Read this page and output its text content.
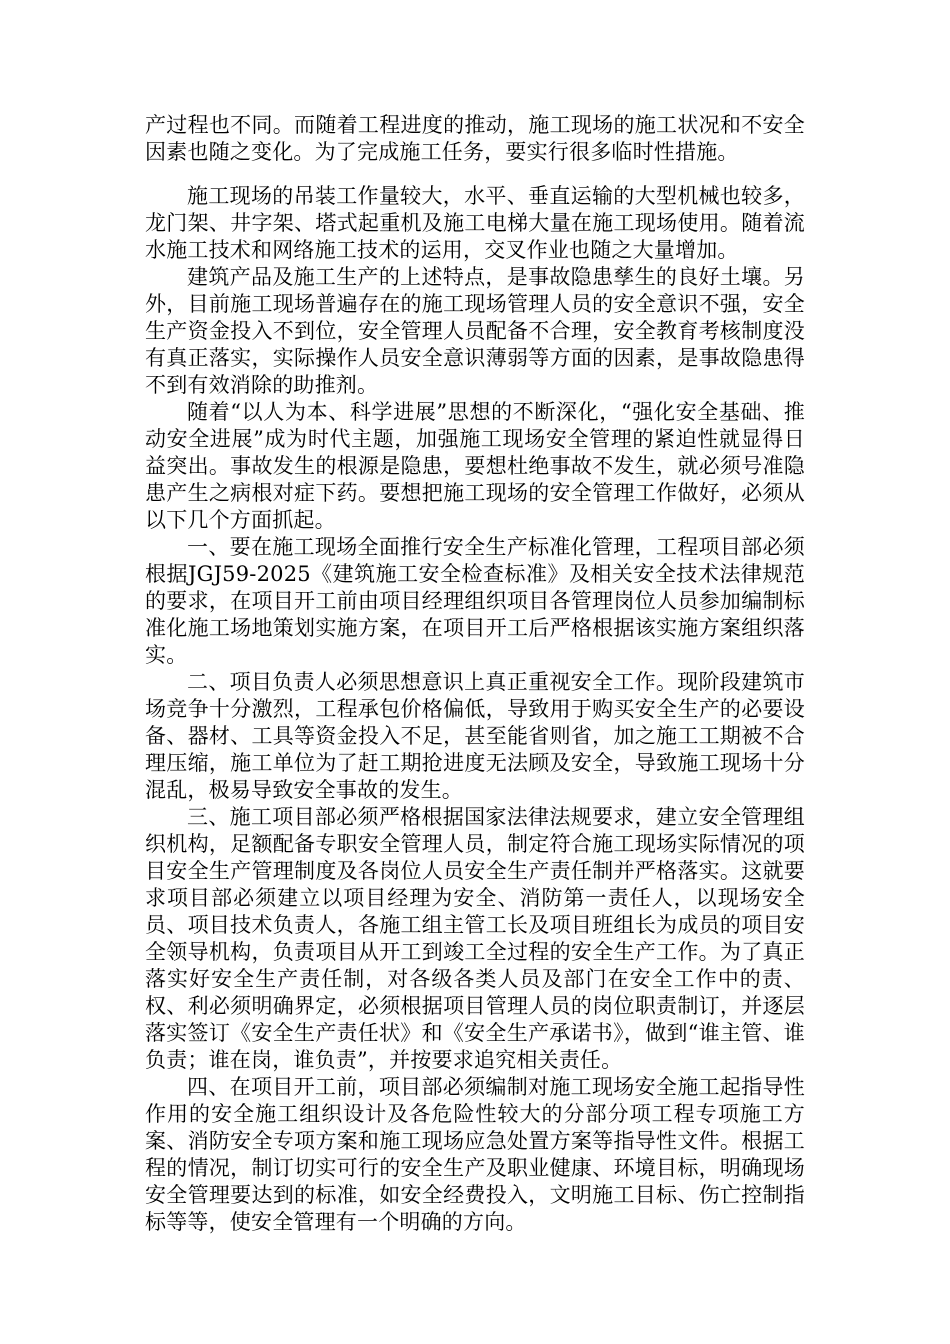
产过程也不同。而随着工程进度的推动，施工现场的施工状况和不安全因素也随之变化。为了完成施工任务，要实行很多临时性措施。

施工现场的吊装工作量较大，水平、垂直运输的大型机械也较多，龙门架、井字架、塔式起重机及施工电梯大量在施工现场使用。随着流水施工技术和网络施工技术的运用，交叉作业也随之大量增加。

建筑产品及施工生产的上述特点，是事故隐患孳生的良好土壤。另外，目前施工现场普遍存在的施工现场管理人员的安全意识不强，安全生产资金投入不到位，安全管理人员配备不合理，安全教育考核制度没有真正落实，实际操作人员安全意识薄弱等方面的因素，是事故隐患得不到有效消除的助推剂。

随着“以人为本、科学进展”思想的不断深化，“强化安全基础、推动安全进展”成为时代主题，加强施工现场安全管理的紧迫性就显得日益突出。事故发生的根源是隐患，要想杜绝事故不发生，就必须号准隐患产生之病根对症下药。要想把施工现场的安全管理工作做好，必须从以下几个方面抓起。

一、要在施工现场全面推行安全生产标准化管理，工程项目部必须根据JGJ59-2025《建筑施工安全检查标准》及相关安全技术法律规范的要求，在项目开工前由项目经理组织项目各管理岗位人员参加编制标准化施工场地策划实施方案，在项目开工后严格根据该实施方案组织落实。

二、项目负责人必须思想意识上真正重视安全工作。现阶段建筑市场竞争十分激烈，工程承包价格偏低，导致用于购买安全生产的必要设备、器材、工具等资金投入不足，甚至能省则省，加之施工工期被不合理压缩，施工单位为了赶工期抢进度无法顾及安全，导致施工现场十分混乱，极易导致安全事故的发生。

三、施工项目部必须严格根据国家法律法规要求，建立安全管理组织机构，足额配备专职安全管理人员，制定符合施工现场实际情况的项目安全生产管理制度及各岗位人员安全生产责任制并严格落实。这就要求项目部必须建立以项目经理为安全、消防第一责任人，以现场安全员、项目技术负责人，各施工组主管工长及项目班组长为成员的项目安全领导机构，负责项目从开工到竣工全过程的安全生产工作。为了真正落实好安全生产责任制，对各级各类人员及部门在安全工作中的责、权、利必须明确界定，必须根据项目管理人员的岗位职责制订，并逐层落实签订《安全生产责任状》和《安全生产承诺书》，做到“谁主管、谁负责；谁在岗，谁负责”，并按要求追究相关责任。

四、在项目开工前，项目部必须编制对施工现场安全施工起指导性作用的安全施工组织设计及各危险性较大的分部分项工程专项施工方案、消防安全专项方案和施工现场应急处置方案等指导性文件。根据工程的情况，制订切实可行的安全生产及职业健康、环境目标，明确现场安全管理要达到的标准，如安全经费投入，文明施工目标、伤亡控制指标等等，使安全管理有一个明确的方向。
